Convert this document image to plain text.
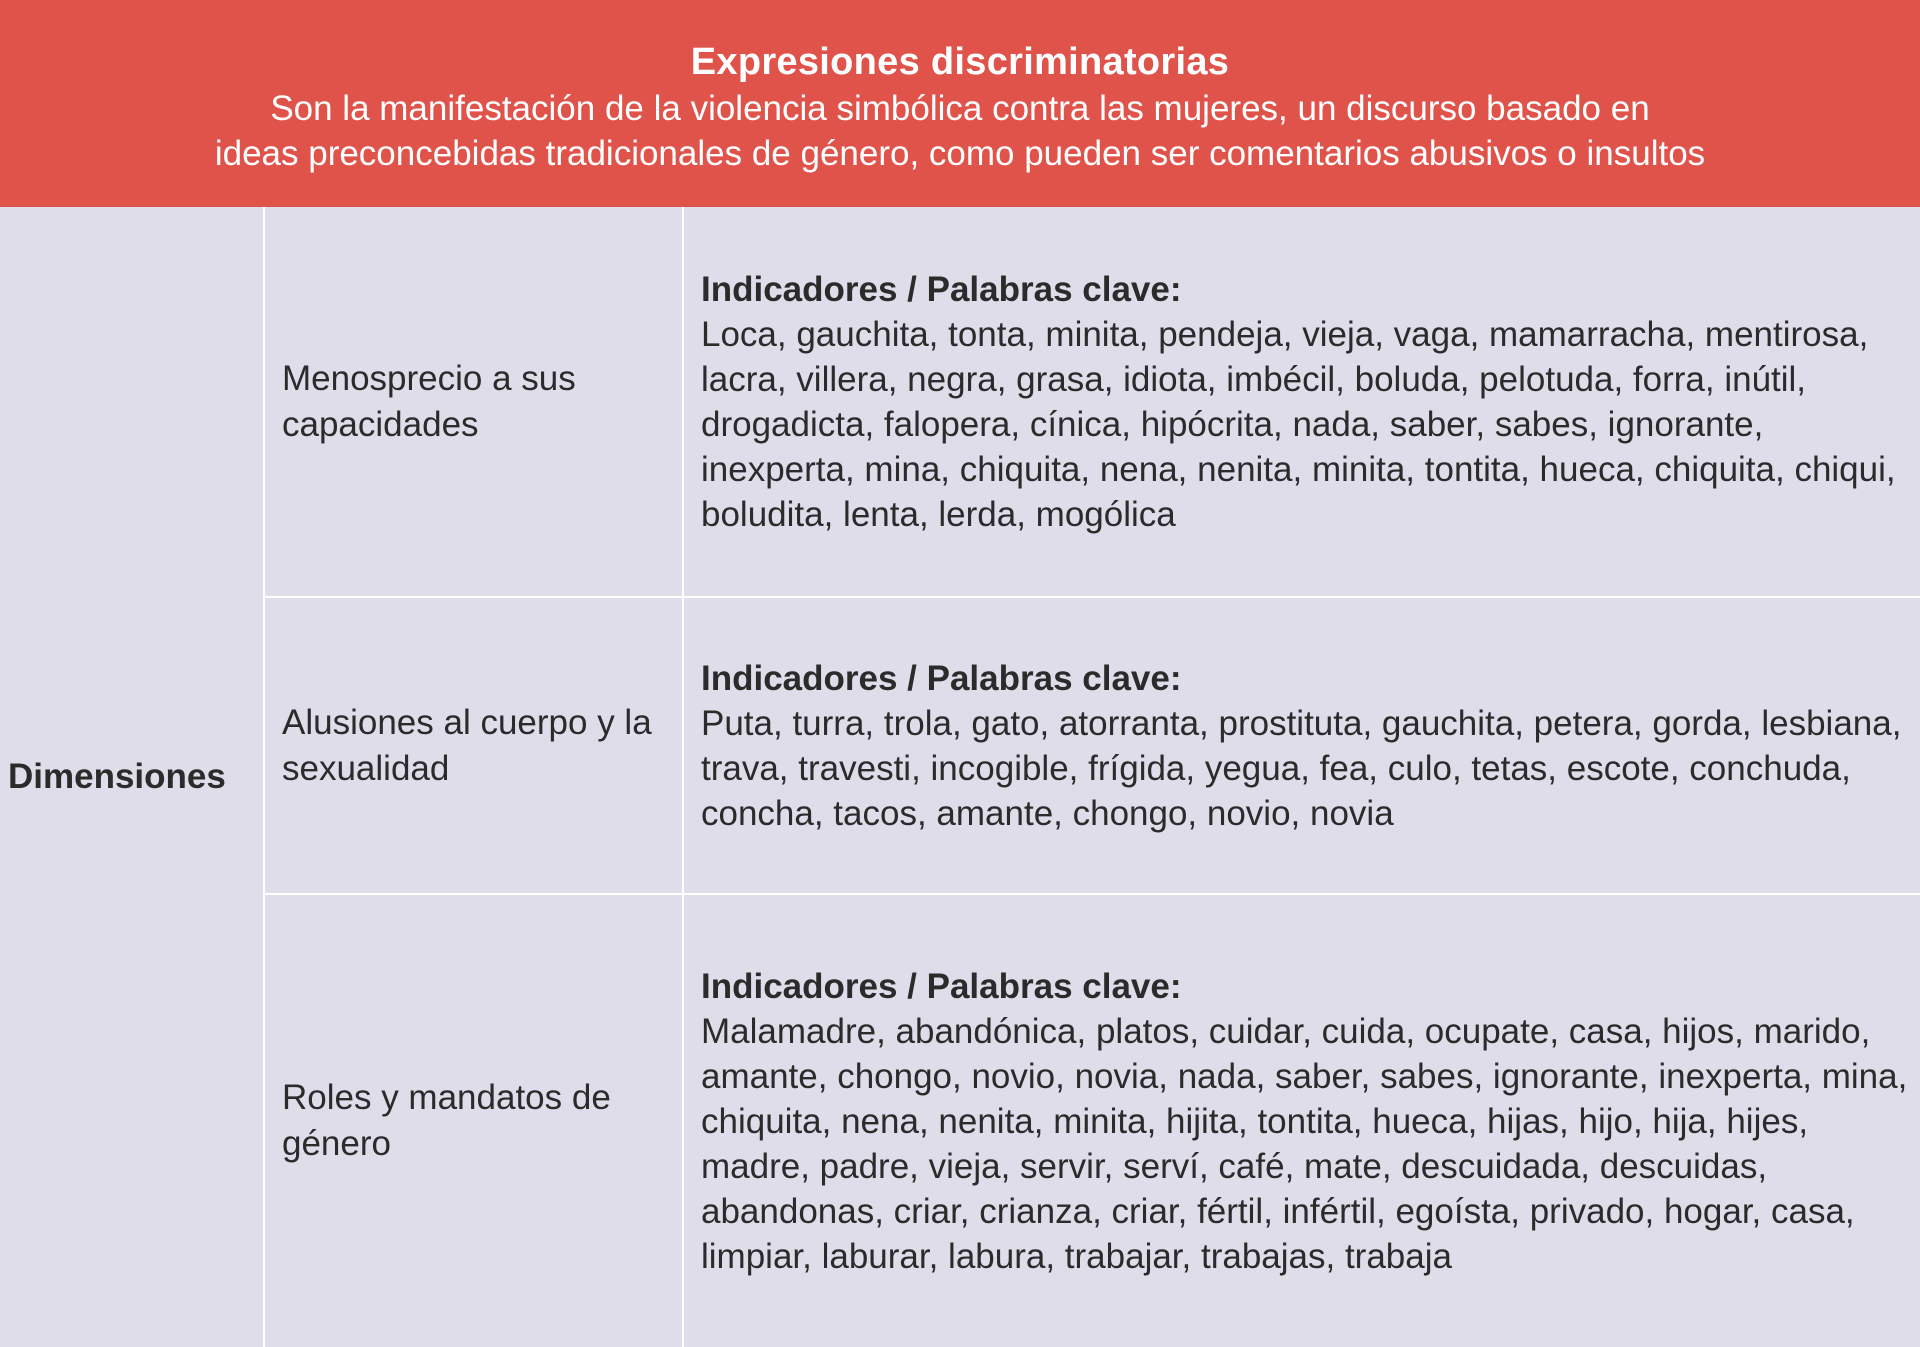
Expresiones discriminatorias
Son la manifestación de la violencia simbólica contra las mujeres, un discurso basado en
ideas preconcebidas tradicionales de género, como pueden ser comentarios abusivos o insultos
Dimensiones
Menosprecio a sus capacidades
Indicadores / Palabras clave:
Loca, gauchita, tonta, minita, pendeja, vieja, vaga, mamarracha, mentirosa, lacra, villera, negra, grasa, idiota, imbécil, boluda, pelotuda, forra, inútil, drogadicta, falopera, cínica, hipócrita, nada, saber, sabes, ignorante, inexperta, mina, chiquita, nena, nenita, minita, tontita, hueca, chiquita, chiqui, boludita, lenta, lerda, mogólica
Alusiones al cuerpo y la sexualidad
Indicadores / Palabras clave:
Puta, turra, trola, gato, atorranta, prostituta, gauchita, petera, gorda, lesbiana, trava, travesti, incogible, frígida, yegua, fea, culo, tetas, escote, conchuda, concha, tacos, amante, chongo, novio, novia
Roles y mandatos de género
Indicadores / Palabras clave:
Malamadre, abandónica, platos, cuidar, cuida, ocupate, casa, hijos, marido, amante, chongo, novio, novia, nada, saber, sabes, ignorante, inexperta, mina, chiquita, nena, nenita, minita, hijita, tontita, hueca, hijas, hijo, hija, hijes, madre, padre, vieja, servir, serví, café, mate, descuidada, descuidas, abandonas, criar, crianza, criar, fértil, infértil, egoísta, privado, hogar, casa, limpiar, laburar, labura, trabajar, trabajas, trabaja
